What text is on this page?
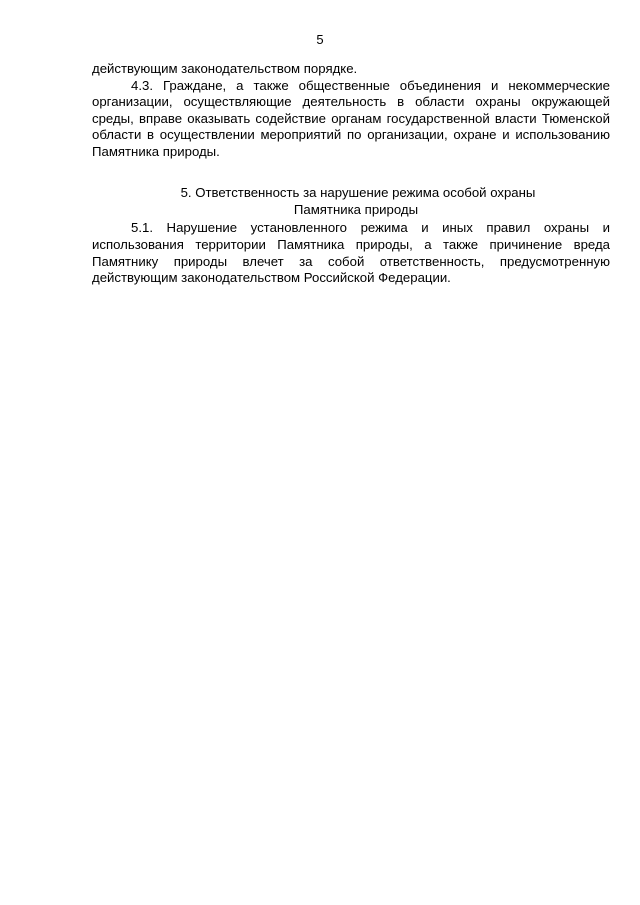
5

действующим законодательством порядке.

4.3. Граждане, а также общественные объединения и некоммерческие организации, осуществляющие деятельность в области охраны окружающей среды, вправе оказывать содействие органам государственной власти Тюменской области в осуществлении мероприятий по организации, охране и использованию Памятника природы.

5. Ответственность за нарушение режима особой охраны
Памятника природы

5.1. Нарушение установленного режима и иных правил охраны и использования территории Памятника природы, а также причинение вреда Памятнику природы влечет за собой ответственность, предусмотренную действующим законодательством Российской Федерации.
